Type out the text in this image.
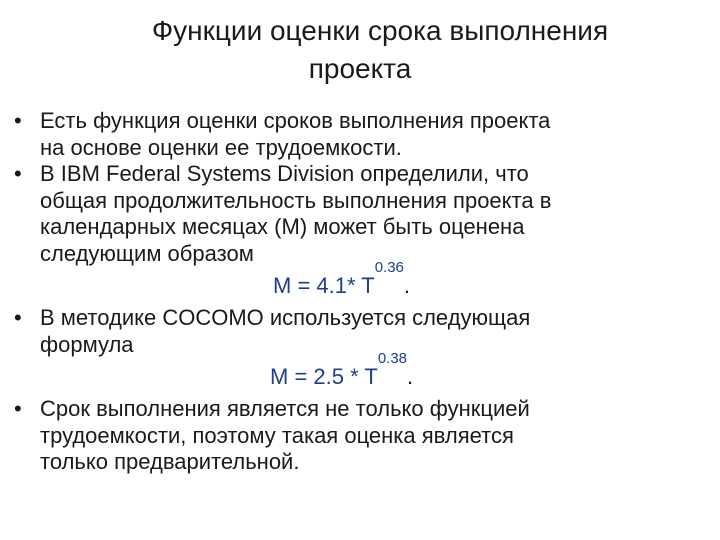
Функции оценки срока выполнения
проекта
• Есть функция оценки сроков выполнения проекта
на основе оценки ее трудоемкости.
• В IBM Federal Systems Division определили, что
общая продолжительность выполнения проекта в
календарных месяцах (М) может быть оценена
следующим образом
M = 4.1* $T^{0.36}$.
• В методике COCOMO используется следующая
формула
$M = 2.5 * T^{0.38}$.
• Срок выполнения является не только функцией
трудоемкости, поэтому такая оценка является
только предварительной.
